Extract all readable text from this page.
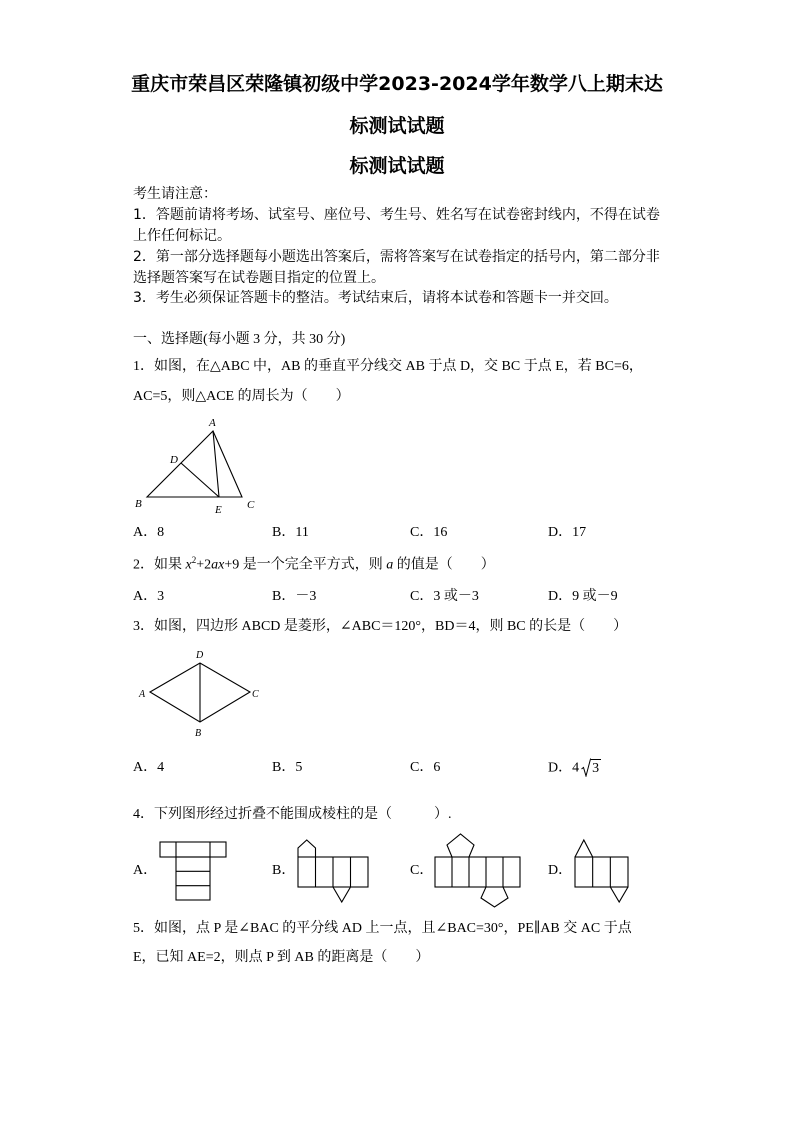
重庆市荣昌区荣隆镇初级中学2023-2024学年数学八上期末达
标测试试题
标测试试题
考生请注意：
1．答题前请将考场、试室号、座位号、考生号、姓名写在试卷密封线内，不得在试卷
上作任何标记。
2．第一部分选择题每小题选出答案后，需将答案写在试卷指定的括号内，第二部分非
选择题答案写在试卷题目指定的位置上。
3．考生必须保证答题卡的整洁。考试结束后，请将本试卷和答题卡一并交回。
一、选择题(每小题 3 分，共 30 分)
1．如图，在△ABC 中，AB 的垂直平分线交 AB 于点 D，交 BC 于点 E，若 BC=6，
AC=5，则△ACE 的周长为（　　）
A
D
B	E C
A．8	B．11	C．16	D．17
2．如果 $x^2+2ax+9$ 是一个完全平方式，则 a 的值是（　　）
A．3	B．－3	C．3 或－3	D．9 或－9
3．如图，四边形 ABCD 是菱形，∠ABC＝120°，BD＝4，则 BC 的长是（　　）
D
A	C
B
A．4	B．5	C．6	D．4 3
4．下列图形经过折叠不能围成棱柱的是（　　　）.
A．	B．	C．	D．
5．如图，点 P 是∠BAC 的平分线 AD 上一点，且∠BAC=30°，PE∥AB 交 AC 于点
E，已知 AE=2，则点 P 到 AB 的距离是（　　）
